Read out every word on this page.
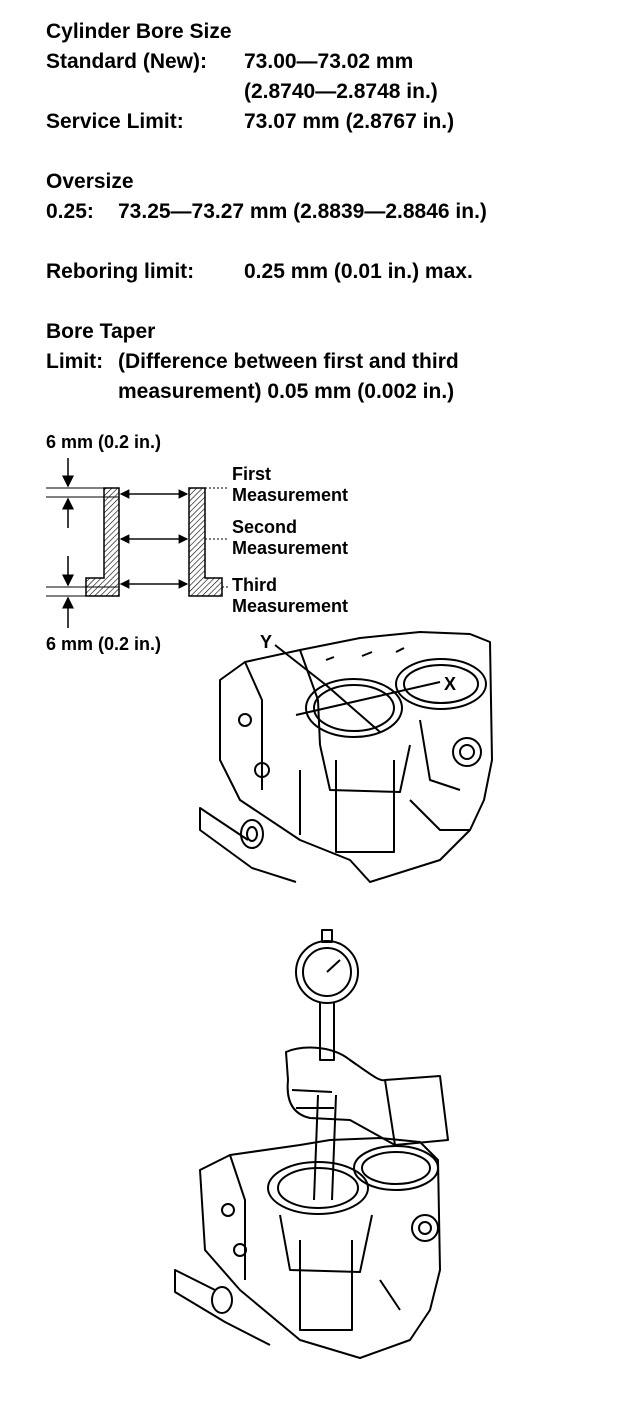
Cylinder Bore Size
Standard (New): 73.00—73.02 mm
(2.8740—2.8748 in.)
Service Limit:	73.07 mm (2.8767 in.)
Oversize
0.25: 73.25—73.27 mm (2.8839—2.8846 in.)
Reboring limit: 0.25 mm (0.01 in.) max.
Bore Taper
Limit: (Difference between first and third
measurement) 0.05 mm (0.002 in.)
6 mm (0.2 in.)
6 mm (0.2 in.)
First
Measurement
Second
Measurement
Third
Measurement
Y
X
